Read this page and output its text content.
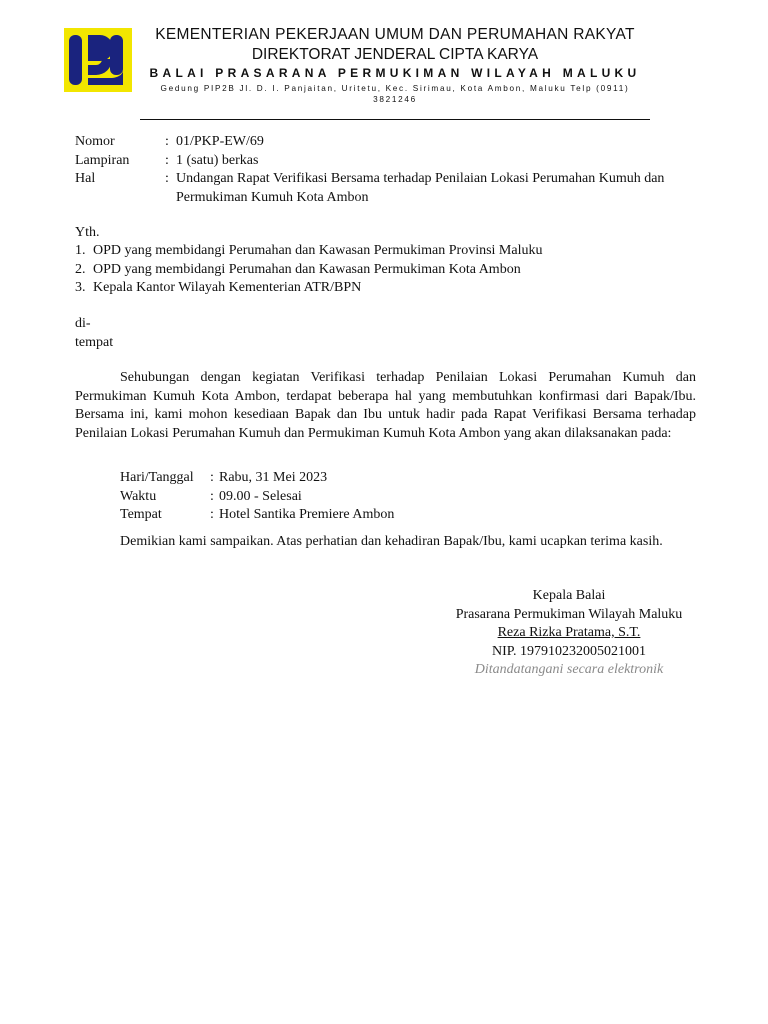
KEMENTERIAN PEKERJAAN UMUM DAN PERUMAHAN RAKYAT
DIREKTORAT JENDERAL CIPTA KARYA
BALAI PRASARANA PERMUKIMAN WILAYAH MALUKU
Gedung PIP2B Jl. D. I. Panjaitan, Uritetu, Kec. Sirimau, Kota Ambon, Maluku Telp (0911) 3821246
Nomor	: 01/PKP-EW/69
Lampiran	: 1 (satu) berkas
Hal	: Undangan Rapat Verifikasi Bersama terhadap Penilaian Lokasi Perumahan Kumuh dan Permukiman Kumuh Kota Ambon
Yth.
1. OPD yang membidangi Perumahan dan Kawasan Permukiman Provinsi Maluku
2. OPD yang membidangi Perumahan dan Kawasan Permukiman Kota Ambon
3. Kepala Kantor Wilayah Kementerian ATR/BPN
di-
tempat
Sehubungan dengan kegiatan Verifikasi terhadap Penilaian Lokasi Perumahan Kumuh dan Permukiman Kumuh Kota Ambon, terdapat beberapa hal yang membutuhkan konfirmasi dari Bapak/Ibu. Bersama ini, kami mohon kesediaan Bapak dan Ibu untuk hadir pada Rapat Verifikasi Bersama terhadap Penilaian Lokasi Perumahan Kumuh dan Permukiman Kumuh Kota Ambon yang akan dilaksanakan pada:
Hari/Tanggal	: Rabu, 31 Mei 2023
Waktu	: 09.00 - Selesai
Tempat	: Hotel Santika Premiere Ambon
Demikian kami sampaikan. Atas perhatian dan kehadiran Bapak/Ibu, kami ucapkan terima kasih.
Kepala Balai
Prasarana Permukiman Wilayah Maluku
Reza Rizka Pratama, S.T.
NIP. 197910232005021001
Ditandatangani secara elektronik
